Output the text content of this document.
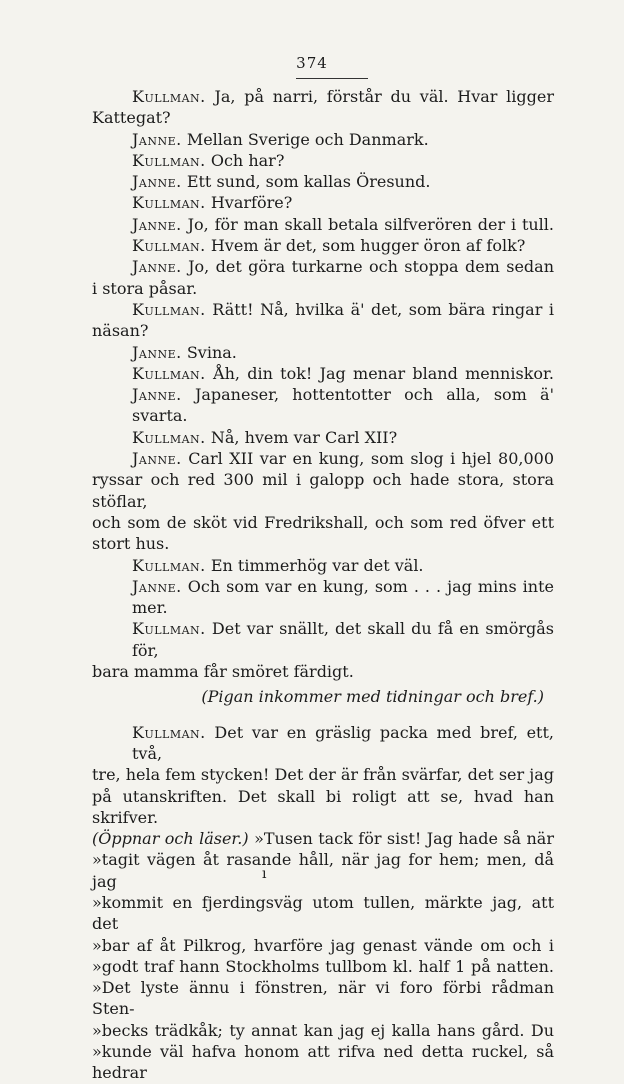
374
Kullman. Ja, på narri, förstår du väl. Hvar ligger
Kattegat?
Janne. Mellan Sverige och Danmark.
Kullman. Och har?
Janne. Ett sund, som kallas Öresund.
Kullman. Hvarföre?
Janne. Jo, för man skall betala silfverören der i tull.
Kullman. Hvem är det, som hugger öron af folk?
Janne. Jo, det göra turkarne och stoppa dem sedan
i stora påsar.
Kullman. Rätt! Nå, hvilka ä' det, som bära ringar i
näsan?
Janne. Svina.
Kullman. Åh, din tok! Jag menar bland menniskor.
Janne. Japaneser, hottentotter och alla, som ä' svarta.
Kullman. Nå, hvem var Carl XII?
Janne. Carl XII var en kung, som slog i hjel 80,000
ryssar och red 300 mil i galopp och hade stora, stora stöflar,
och som de sköt vid Fredrikshall, och som red öfver ett
stort hus.
Kullman. En timmerhög var det väl.
Janne. Och som var en kung, som . . . jag mins inte mer.
Kullman. Det var snällt, det skall du få en smörgås för,
bara mamma får smöret färdigt.
(Pigan inkommer med tidningar och bref.)
Kullman. Det var en gräslig packa med bref, ett, två,
tre, hela fem stycken! Det der är från svärfar, det ser jag
på utanskriften. Det skall bi roligt att se, hvad han skrifver.
(Öppnar och läser.) »Tusen tack för sist! Jag hade så när
»tagit vägen åt rasande håll, när jag for hem; men, då jag
»kommit en fjerdingsväg utom tullen, märkte jag, att det
»bar af åt Pilkrog, hvarföre jag genast vände om och i
»godt traf hann Stockholms tullbom kl. half 1 på natten.
»Det lyste ännu i fönstren, när vi foro förbi rådman Sten-
»becks trädkåk; ty annat kan jag ej kalla hans gård. Du
»kunde väl hafva honom att rifva ned detta ruckel, så hedrar
ı
